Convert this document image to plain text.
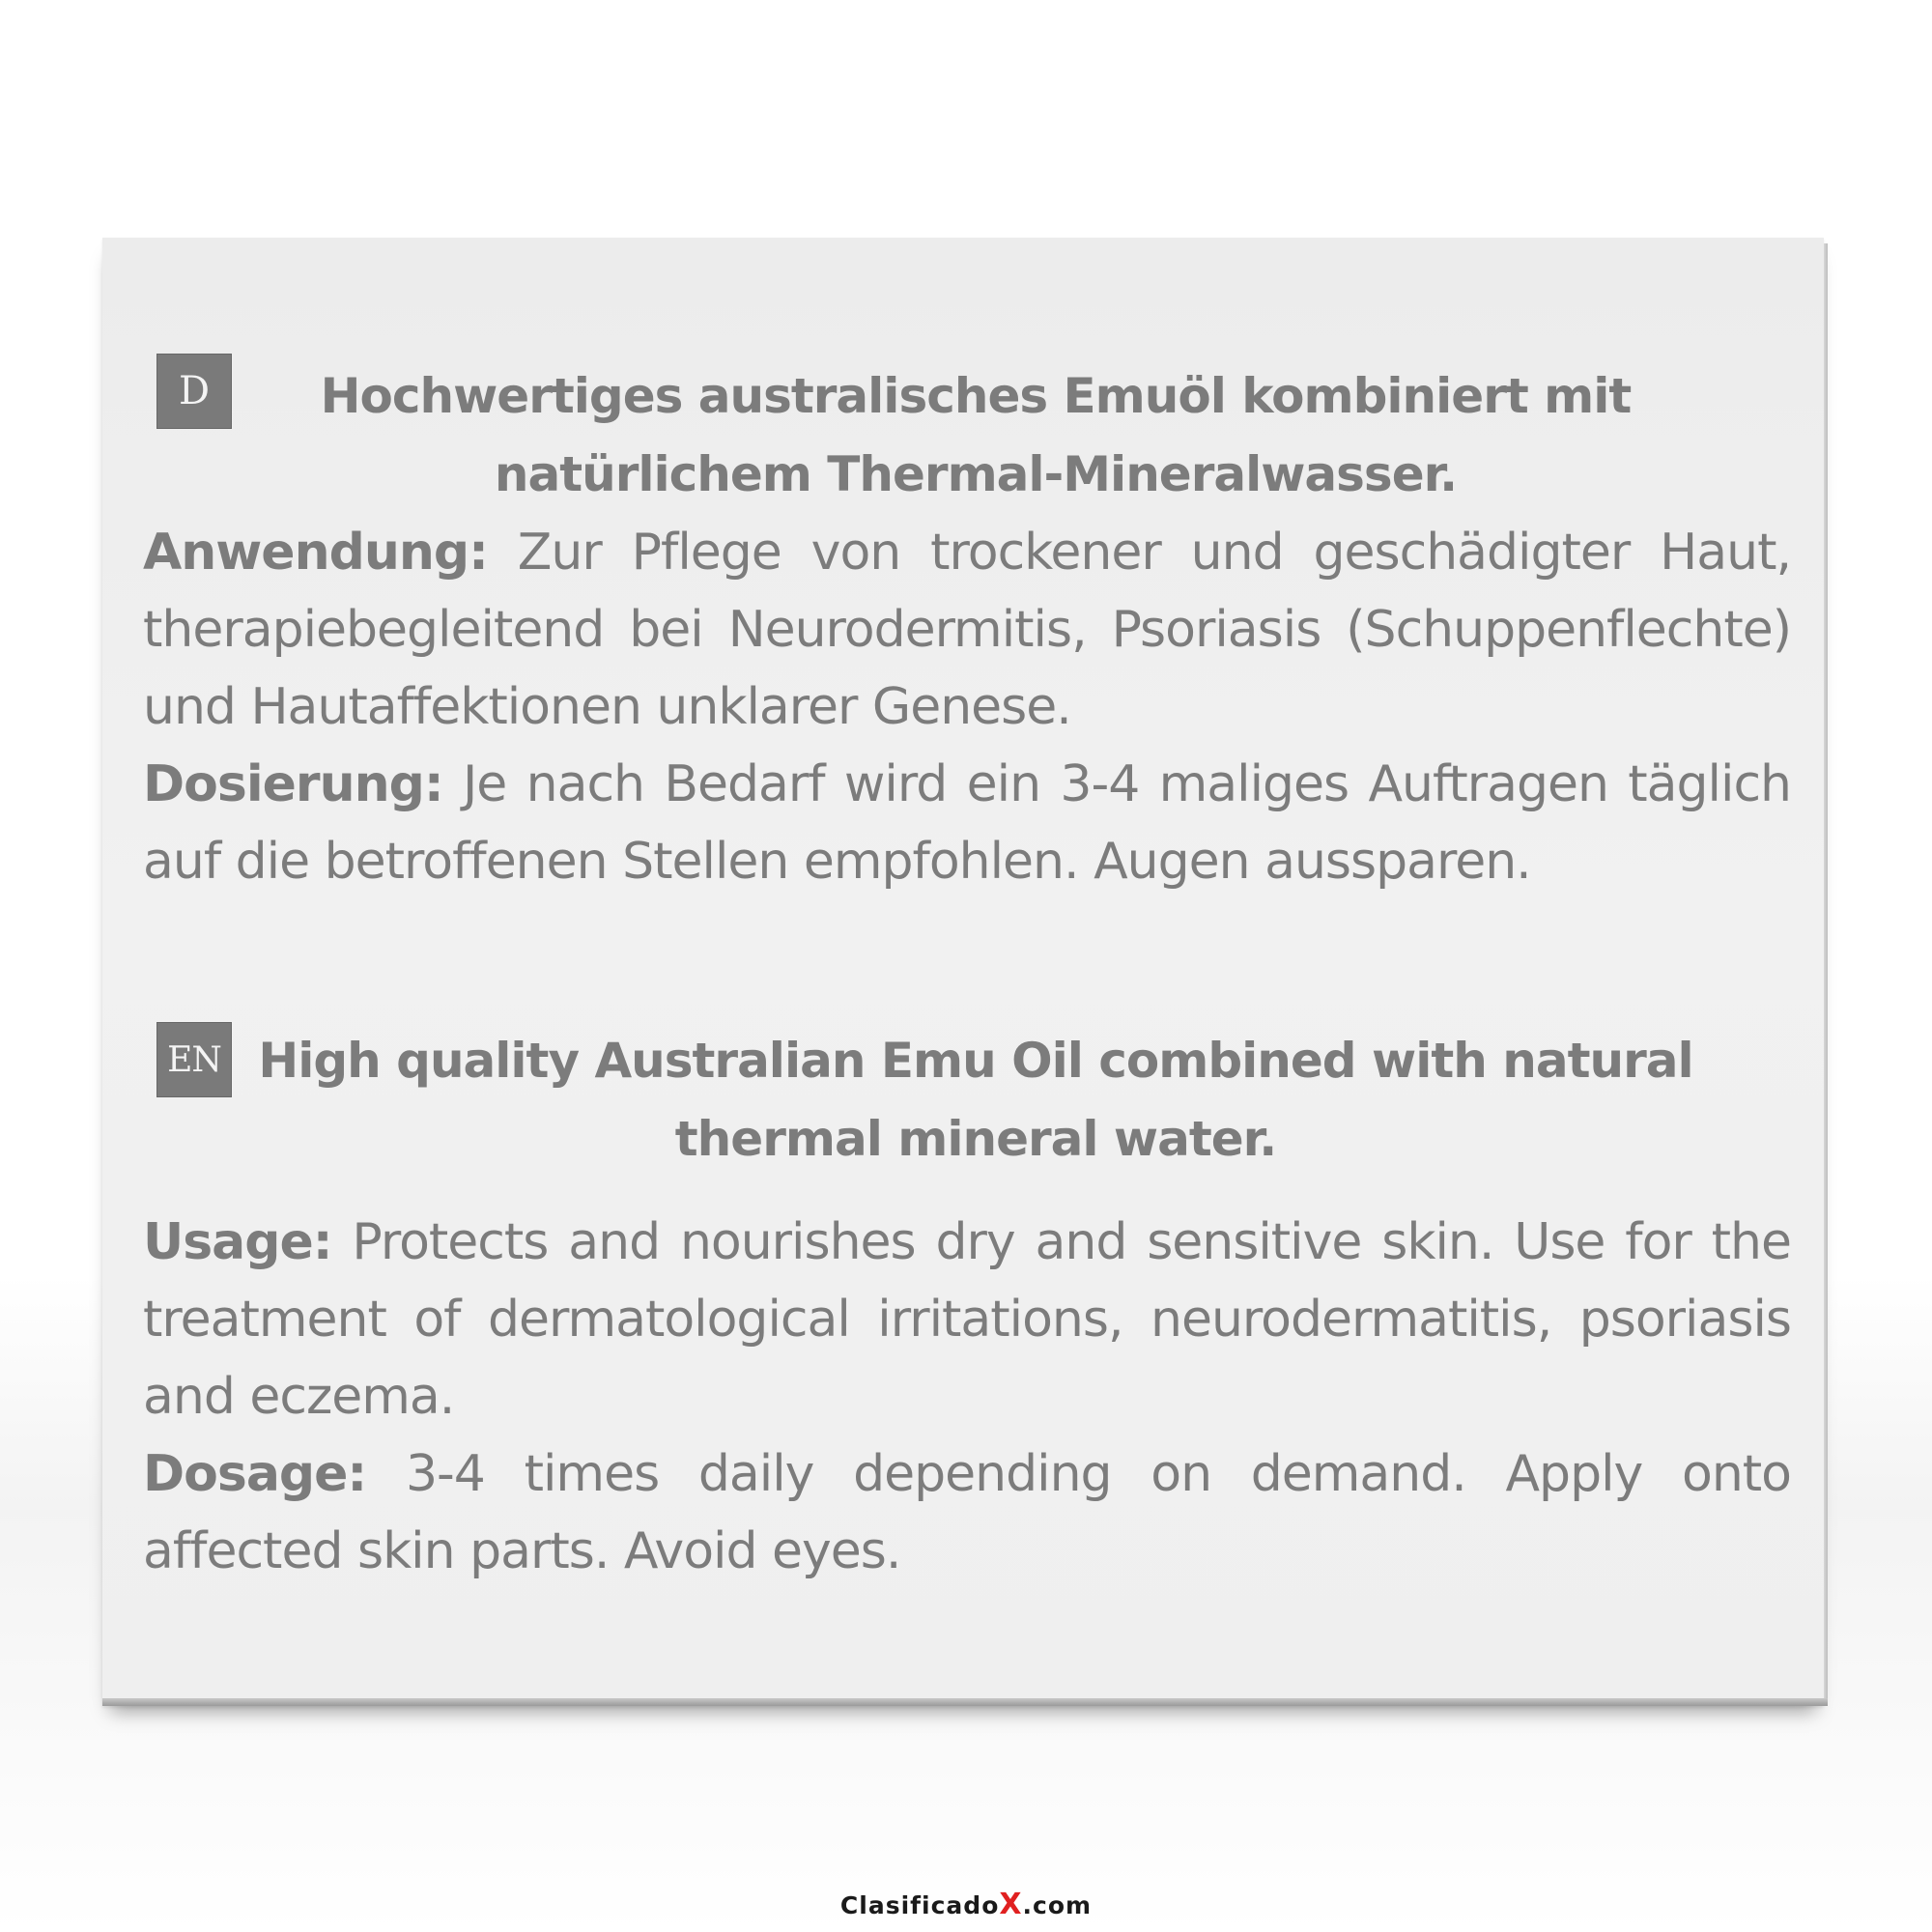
D	Hochwertiges australisches Emuöl kombiniert mit natürlichem Thermal-Mineralwasser.
Anwendung: Zur Pflege von trockener und geschädigter Haut, therapiebegleitend bei Neurodermitis, Psoriasis (Schuppenflechte) und Hautaffektionen unklarer Genese.
Dosierung: Je nach Bedarf wird ein 3-4 maliges Auftragen täglich auf die betroffenen Stellen empfohlen. Augen aussparen.
EN High quality Australian Emu Oil combined with natural thermal mineral water.
Usage: Protects and nourishes dry and sensitive skin. Use for the treatment of dermatological irritations, neurodermatitis, psoriasis and eczema.
Dosage: 3-4 times daily depending on demand. Apply onto affected skin parts. Avoid eyes.
ClasificadoX.com
